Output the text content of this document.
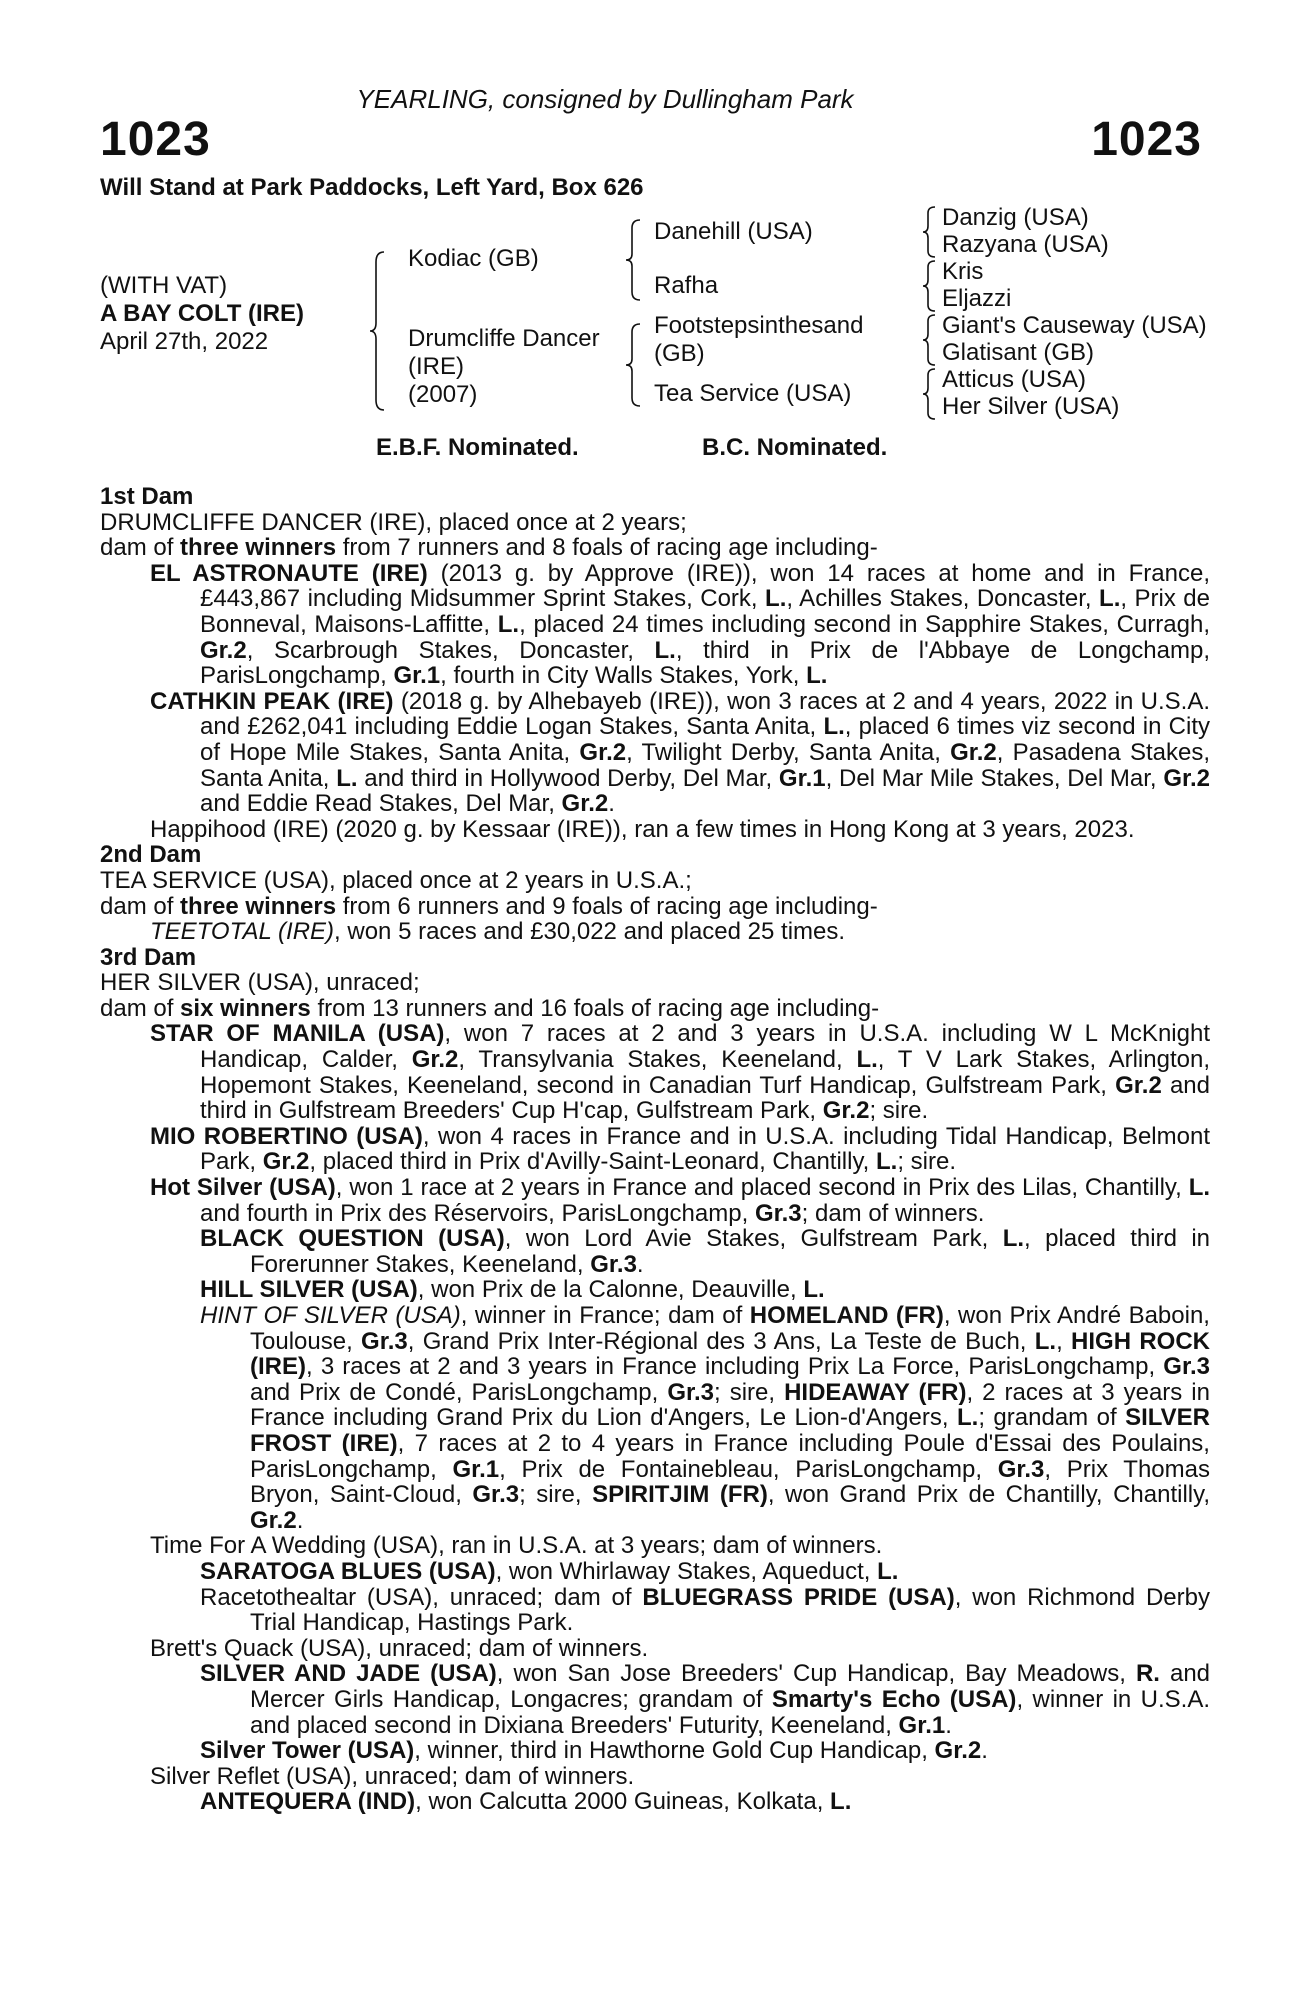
YEARLING, consigned by Dullingham Park
1023	1023
Will Stand at Park Paddocks, Left Yard, Box 626
(WITH VAT)
A BAY COLT (IRE)
April 27th, 2022
Kodiac (GB)
Drumcliffe Dancer
(IRE)
(2007)
Danehill (USA)
Rafha
Footstepsinthesand
(GB)
Tea Service (USA)
Danzig (USA)
Razyana (USA)
Kris
Eljazzi
Giant's Causeway (USA)
Glatisant (GB)
Atticus (USA)
Her Silver (USA)
E.B.F. Nominated.	B.C. Nominated.

1st Dam

DRUMCLIFFE DANCER (IRE), placed once at 2 years;

dam of three winners from 7 runners and 8 foals of racing age including-

EL ASTRONAUTE (IRE) (2013 g. by Approve (IRE)), won 14 races at home and in France, £443,867 including Midsummer Sprint Stakes, Cork, L., Achilles Stakes, Doncaster, L., Prix de Bonneval, Maisons-Laffitte, L., placed 24 times including second in Sapphire Stakes, Curragh, Gr.2, Scarbrough Stakes, Doncaster, L., third in Prix de l'Abbaye de Longchamp, ParisLongchamp, Gr.1, fourth in City Walls Stakes, York, L.

CATHKIN PEAK (IRE) (2018 g. by Alhebayeb (IRE)), won 3 races at 2 and 4 years, 2022 in U.S.A. and £262,041 including Eddie Logan Stakes, Santa Anita, L., placed 6 times viz second in City of Hope Mile Stakes, Santa Anita, Gr.2, Twilight Derby, Santa Anita, Gr.2, Pasadena Stakes, Santa Anita, L. and third in Hollywood Derby, Del Mar, Gr.1, Del Mar Mile Stakes, Del Mar, Gr.2 and Eddie Read Stakes, Del Mar, Gr.2.

Happihood (IRE) (2020 g. by Kessaar (IRE)), ran a few times in Hong Kong at 3 years, 2023.

2nd Dam

TEA SERVICE (USA), placed once at 2 years in U.S.A.;

dam of three winners from 6 runners and 9 foals of racing age including-

TEETOTAL (IRE), won 5 races and £30,022 and placed 25 times.

3rd Dam

HER SILVER (USA), unraced;

dam of six winners from 13 runners and 16 foals of racing age including-

STAR OF MANILA (USA), won 7 races at 2 and 3 years in U.S.A. including W L McKnight Handicap, Calder, Gr.2, Transylvania Stakes, Keeneland, L., T V Lark Stakes, Arlington, Hopemont Stakes, Keeneland, second in Canadian Turf Handicap, Gulfstream Park, Gr.2 and third in Gulfstream Breeders' Cup H'cap, Gulfstream Park, Gr.2; sire.

MIO ROBERTINO (USA), won 4 races in France and in U.S.A. including Tidal Handicap, Belmont Park, Gr.2, placed third in Prix d'Avilly-Saint-Leonard, Chantilly, L.; sire.

Hot Silver (USA), won 1 race at 2 years in France and placed second in Prix des Lilas, Chantilly, L. and fourth in Prix des Réservoirs, ParisLongchamp, Gr.3; dam of winners.

BLACK QUESTION (USA), won Lord Avie Stakes, Gulfstream Park, L., placed third in Forerunner Stakes, Keeneland, Gr.3.

HILL SILVER (USA), won Prix de la Calonne, Deauville, L.

HINT OF SILVER (USA), winner in France; dam of HOMELAND (FR), won Prix André Baboin, Toulouse, Gr.3, Grand Prix Inter-Régional des 3 Ans, La Teste de Buch, L., HIGH ROCK (IRE), 3 races at 2 and 3 years in France including Prix La Force, ParisLongchamp, Gr.3 and Prix de Condé, ParisLongchamp, Gr.3; sire, HIDEAWAY (FR), 2 races at 3 years in France including Grand Prix du Lion d'Angers, Le Lion-d'Angers, L.; grandam of SILVER FROST (IRE), 7 races at 2 to 4 years in France including Poule d'Essai des Poulains, ParisLongchamp, Gr.1, Prix de Fontainebleau, ParisLongchamp, Gr.3, Prix Thomas Bryon, Saint-Cloud, Gr.3; sire, SPIRITJIM (FR), won Grand Prix de Chantilly, Chantilly, Gr.2.

Time For A Wedding (USA), ran in U.S.A. at 3 years; dam of winners.

SARATOGA BLUES (USA), won Whirlaway Stakes, Aqueduct, L.

Racetothealtar (USA), unraced; dam of BLUEGRASS PRIDE (USA), won Richmond Derby Trial Handicap, Hastings Park.

Brett's Quack (USA), unraced; dam of winners.

SILVER AND JADE (USA), won San Jose Breeders' Cup Handicap, Bay Meadows, R. and Mercer Girls Handicap, Longacres; grandam of Smarty's Echo (USA), winner in U.S.A. and placed second in Dixiana Breeders' Futurity, Keeneland, Gr.1.

Silver Tower (USA), winner, third in Hawthorne Gold Cup Handicap, Gr.2.

Silver Reflet (USA), unraced; dam of winners.

ANTEQUERA (IND), won Calcutta 2000 Guineas, Kolkata, L.
